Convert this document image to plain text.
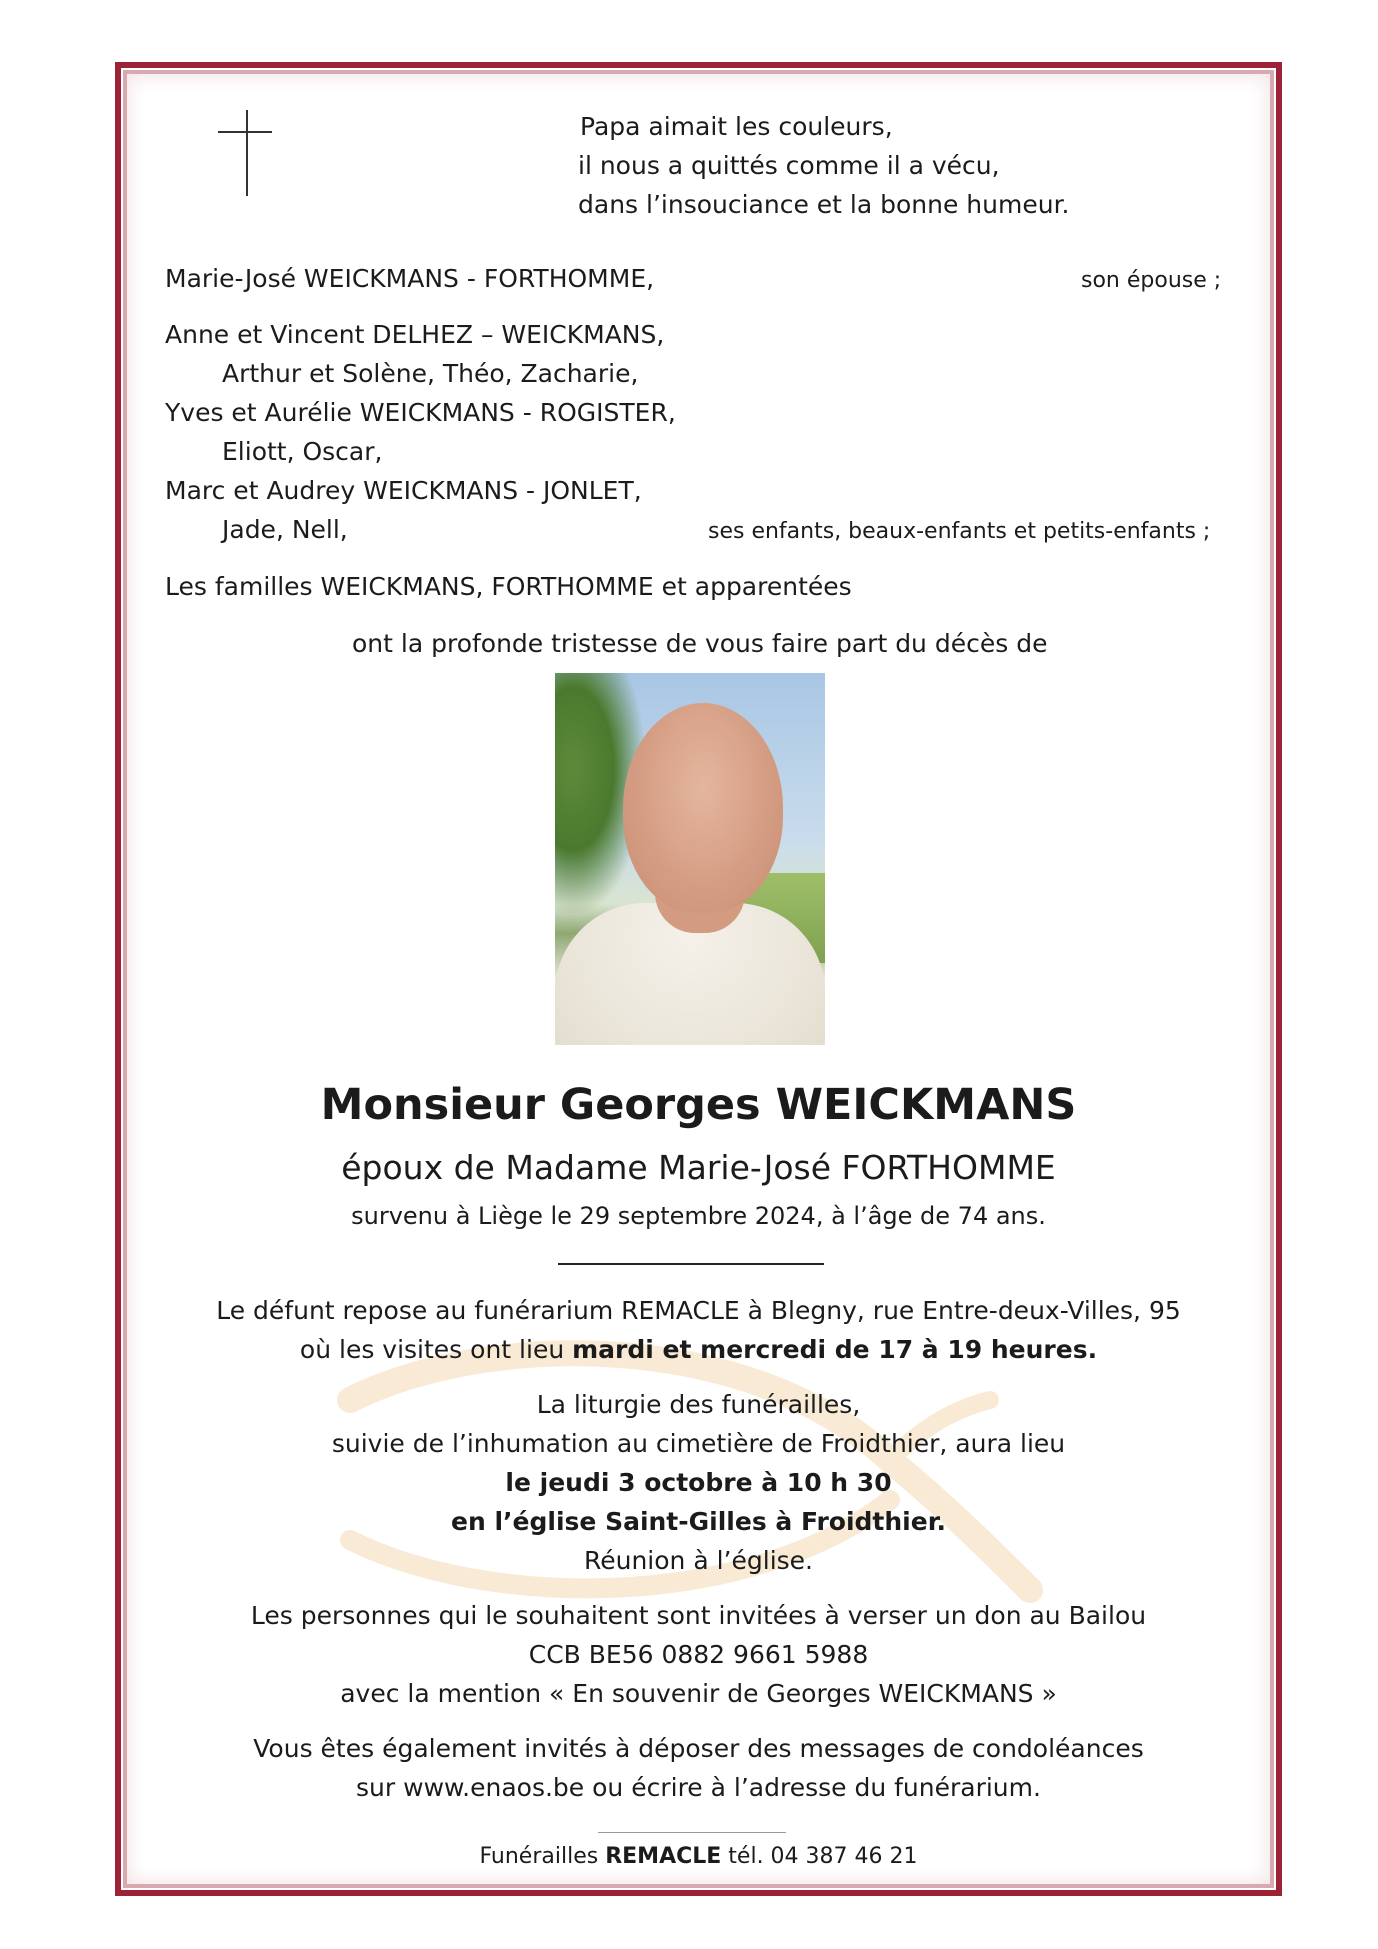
Papa aimait les couleurs,
il nous a quittés comme il a vécu,
dans l’insouciance et la bonne humeur.
Marie-José WEICKMANS - FORTHOMME,	son épouse ;
Anne et Vincent DELHEZ – WEICKMANS,
Arthur et Solène, Théo, Zacharie,
Yves et Aurélie WEICKMANS - ROGISTER,
Eliott, Oscar,
Marc et Audrey WEICKMANS - JONLET,
Jade, Nell,	ses enfants, beaux-enfants et petits-enfants ;
Les familles WEICKMANS, FORTHOMME et apparentées
ont la profonde tristesse de vous faire part du décès de
Monsieur Georges WEICKMANS
époux de Madame Marie-José FORTHOMME
survenu à Liège le 29 septembre 2024, à l’âge de 74 ans.
Le défunt repose au funérarium REMACLE à Blegny, rue Entre-deux-Villes, 95
où les visites ont lieu mardi et mercredi de 17 à 19 heures.
La liturgie des funérailles,
suivie de l’inhumation au cimetière de Froidthier, aura lieu
le jeudi 3 octobre à 10 h 30
en l’église Saint-Gilles à Froidthier.
Réunion à l’église.
Les personnes qui le souhaitent sont invitées à verser un don au Bailou
CCB BE56 0882 9661 5988
avec la mention « En souvenir de Georges WEICKMANS »
Vous êtes également invités à déposer des messages de condoléances
sur www.enaos.be ou écrire à l’adresse du funérarium.
Funérailles REMACLE tél. 04 387 46 21
